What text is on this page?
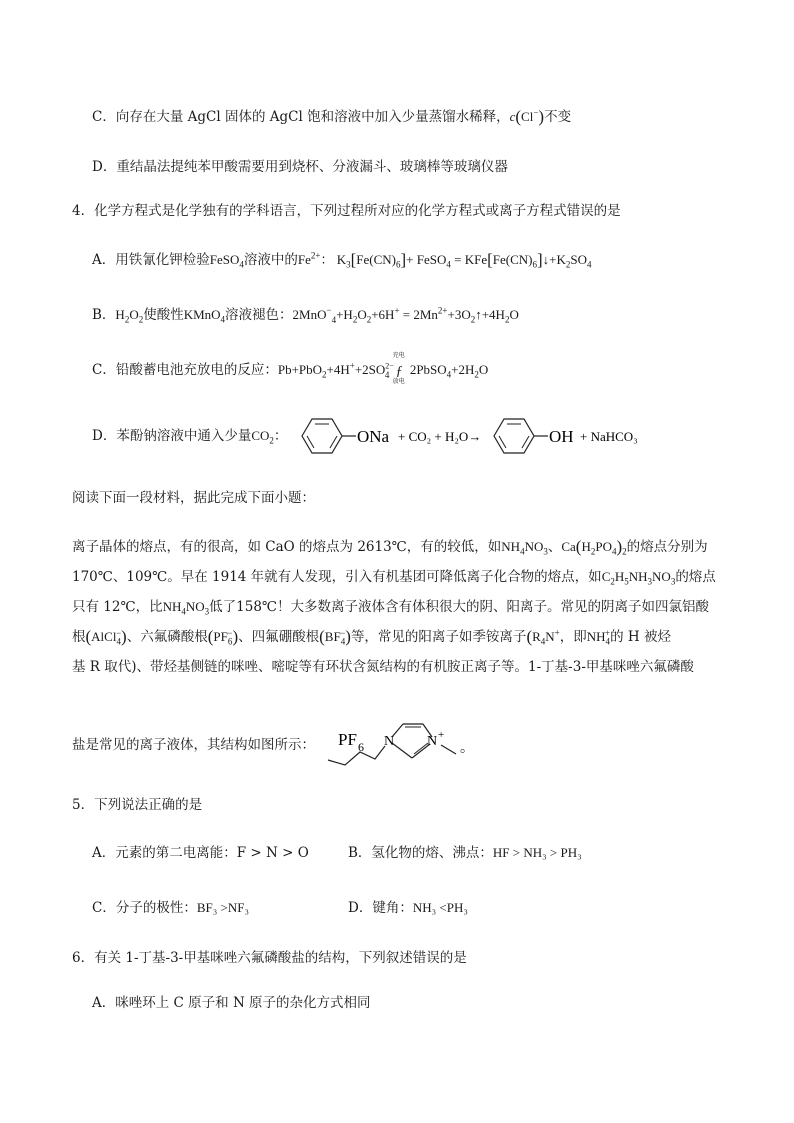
C．向存在大量 AgCl 固体的 AgCl 饱和溶液中加入少量蒸馏水稀释，c(Cl−)不变
D．重结晶法提纯苯甲酸需要用到烧杯、分液漏斗、玻璃棒等玻璃仪器
4．化学方程式是化学独有的学科语言，下列过程所对应的化学方程式或离子方程式错误的是
A．用铁氰化钾检验FeSO$_4$溶液中的$Fe^{2+}$： $K_3[Fe(CN)_6]+$ FeSO$_4$ = $KFe[Fe(CN)_6]↓+K_2SO_4$
B．$H_2O_2$使酸性KMnO$_4$溶液褪色：$2MnO_{-4}+H_2O_2+6H^+$ = $2Mn^{2+}+3O_2↑+4H_2O$
C．铅酸蓄电池充放电的反应：$Pb+PbO_2+4H^++2SO^{2-}_4$
充电
ƒ
放电
$2PbSO_4+2H_2O$
D．苯酚钠溶液中通入少量$CO_2$：	ONa + CO₂ + H₂O→	OH + NaHCO₃
阅读下面一段材料，据此完成下面小题：
离子晶体的熔点，有的很高，如 CaO 的熔点为 2613℃，有的较低，如$NH_4NO_3$、$Ca(H_2PO_4)_2$的熔点分别为
170℃、109℃。早在 1914 年就有人发现，引入有机基团可降低离子化合物的熔点，如$C_2H_5NH_3NO_3$的熔点
只有 12℃，比$NH_4NO_3$低了158℃！大多数离子液体含有体积很大的阴、阳离子。常见的阴离子如四氯铝酸
根(AlCl$_4$−)、六氟磷酸根$(PF_6^-)$、四氟硼酸根$(BF_4^-)$等，常见的阳离子如季铵离子($R_4N^+$，即$NH_4^+$的 H 被烃
基 R 取代)、带烃基侧链的咪唑、嘧啶等有环状含氮结构的有机胺正离子等。1-丁基-3-甲基咪唑六氟磷酸
盐是常见的离子液体，其结构如图所示：	PF 6 N N +
。
5．下列说法正确的是
A．元素的第二电离能：F > N > O	B．氢化物的熔、沸点：HF > NH₃ > PH₃
C．分子的极性：BF₃ >NF₃	D．键角：NH₃ <PH₃
6．有关 1-丁基-3-甲基咪唑六氟磷酸盐的结构，下列叙述错误的是
A．咪唑环上 C 原子和 N 原子的杂化方式相同
